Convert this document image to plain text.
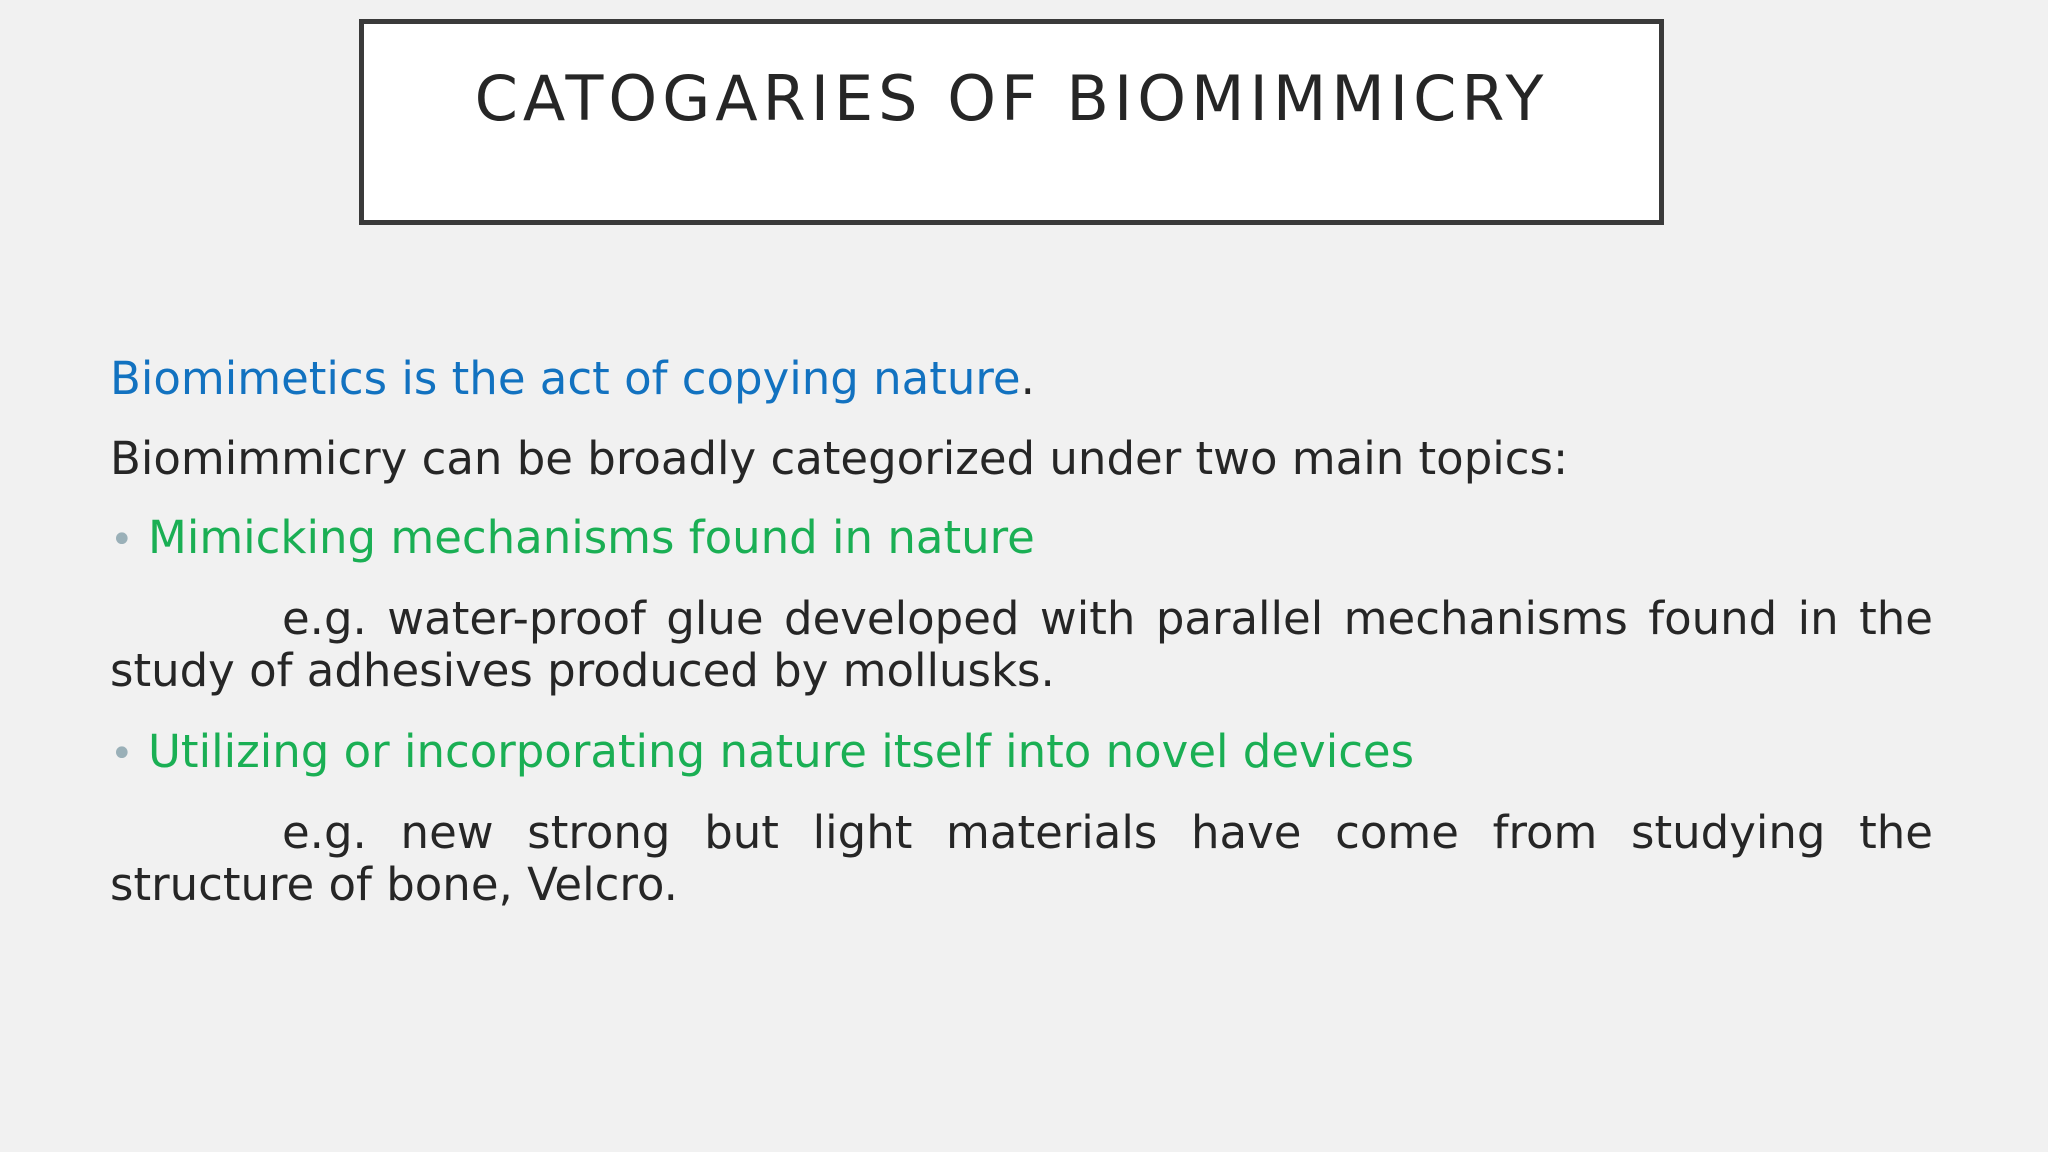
CATOGARIES OF BIOMIMMICRY

Biomimetics is the act of copying nature.

Biomimmicry can be broadly categorized under two main topics:

• Mimicking mechanisms found in nature
e.g. water-proof glue developed with parallel mechanisms found in the
study of adhesives produced by mollusks.
• Utilizing or incorporating nature itself into novel devices
e.g. new strong but light materials have come from studying the
structure of bone, Velcro.
